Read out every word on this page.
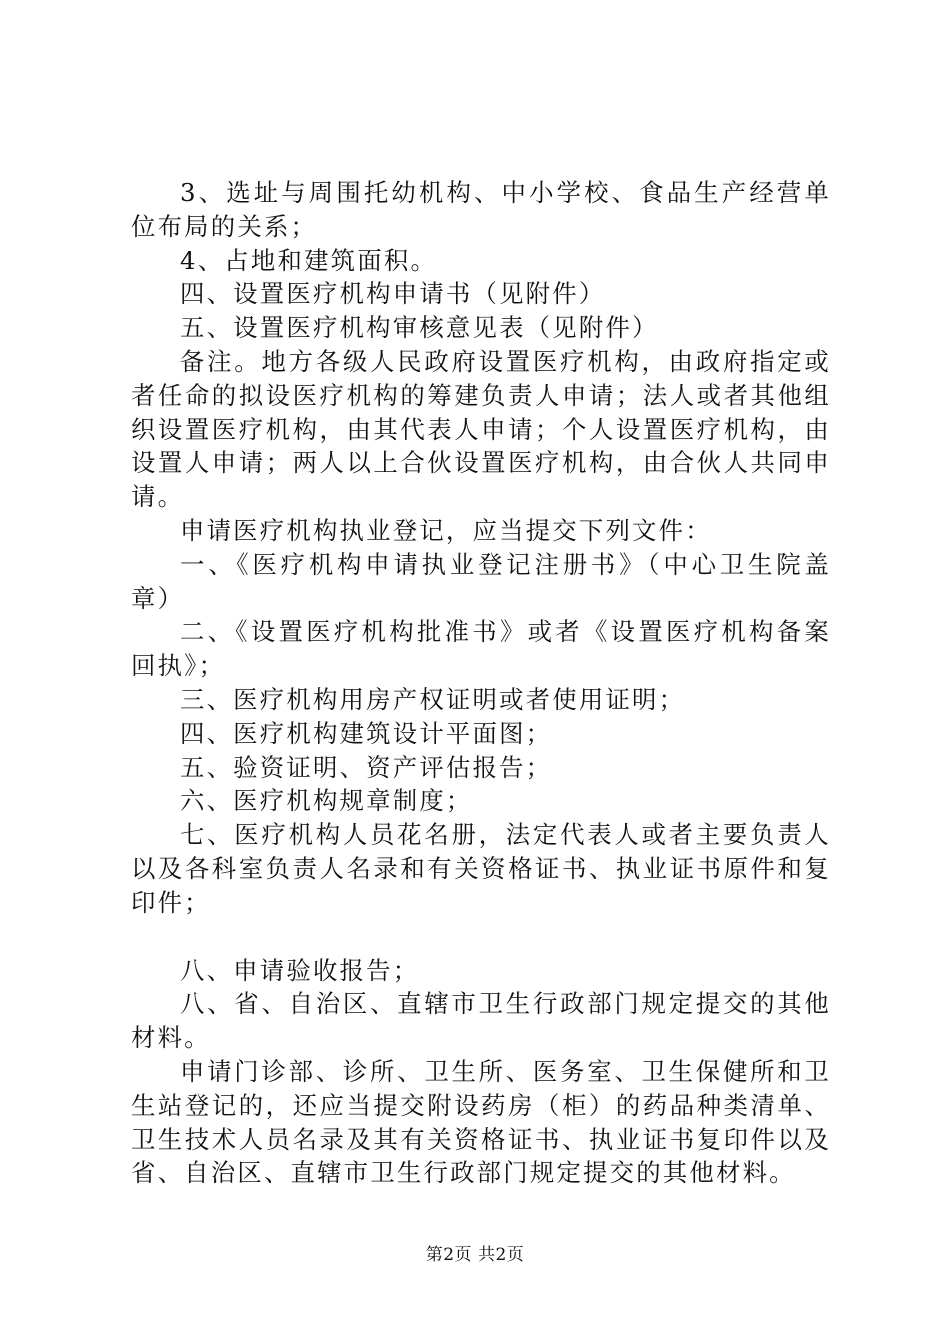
3、选址与周围托幼机构、中小学校、食品生产经营单位布局的关系；

4、占地和建筑面积。

四、设置医疗机构申请书（见附件）

五、设置医疗机构审核意见表（见附件）

备注。地方各级人民政府设置医疗机构，由政府指定或者任命的拟设医疗机构的筹建负责人申请；法人或者其他组织设置医疗机构，由其代表人申请；个人设置医疗机构，由设置人申请；两人以上合伙设置医疗机构，由合伙人共同申请。

申请医疗机构执业登记，应当提交下列文件：

一、《医疗机构申请执业登记注册书》（中心卫生院盖章）

二、《设置医疗机构批准书》或者《设置医疗机构备案回执》；

三、医疗机构用房产权证明或者使用证明；

四、医疗机构建筑设计平面图；

五、验资证明、资产评估报告；

六、医疗机构规章制度；

七、医疗机构人员花名册，法定代表人或者主要负责人以及各科室负责人名录和有关资格证书、执业证书原件和复印件；

八、申请验收报告；

八、省、自治区、直辖市卫生行政部门规定提交的其他材料。

申请门诊部、诊所、卫生所、医务室、卫生保健所和卫生站登记的，还应当提交附设药房（柜）的药品种类清单、卫生技术人员名录及其有关资格证书、执业证书复印件以及省、自治区、直辖市卫生行政部门规定提交的其他材料。

第2页 共2页
